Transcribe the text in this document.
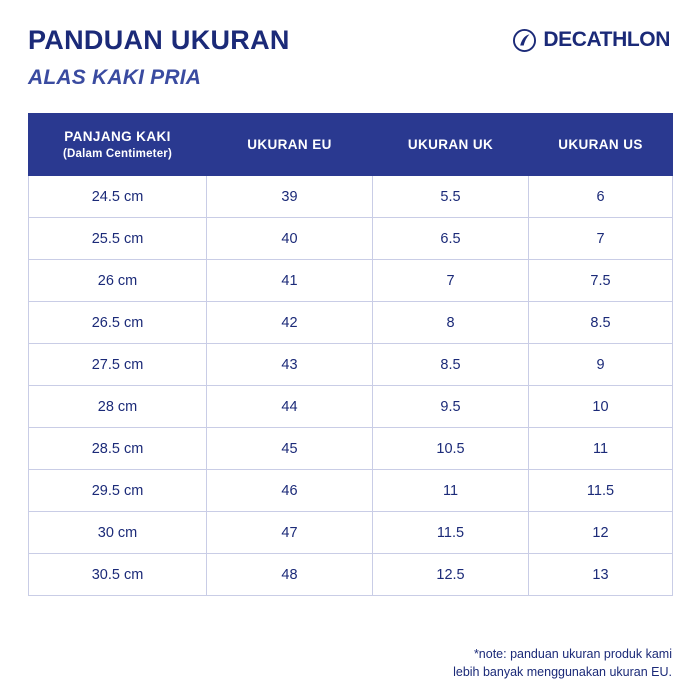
PANDUAN UKURAN
ALAS KAKI PRIA
DECATHLON
PANJANG KAKI
(Dalam Centimeter)	UKURAN EU	UKURAN UK	UKURAN US

24.5 cm	39	5.5	6
25.5 cm	40	6.5	7
26 cm	41	7	7.5
26.5 cm	42	8	8.5
27.5 cm	43	8.5	9
28 cm	44	9.5	10
28.5 cm	45	10.5	11
29.5 cm	46	11	11.5
30 cm	47	11.5	12
30.5 cm	48	12.5	13
*note: panduan ukuran produk kami
lebih banyak menggunakan ukuran EU.
